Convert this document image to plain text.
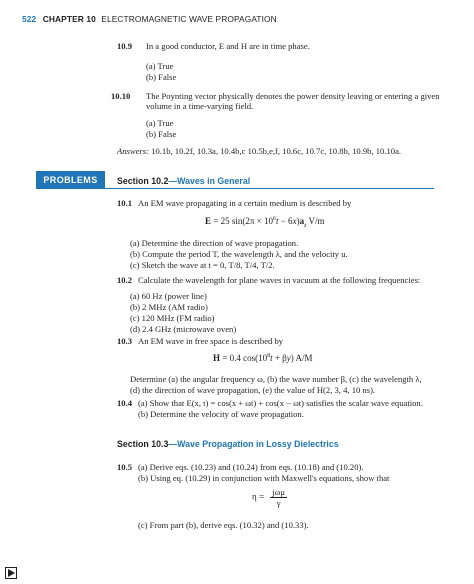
522 CHAPTER 10 ELECTROMAGNETIC WAVE PROPAGATION
10.9 In a good conductor, E and H are in time phase.
(a) True
(b) False
10.10 The Poynting vector physically denotes the power density leaving or entering a given
volume in a time-varying field.
(a) True
(b) False
Answers: 10.1b, 10.2f, 10.3a, 10.4b,c 10.5b,e,f, 10.6c, 10.7c, 10.8b, 10.9b, 10.10a.
PROBLEMS	Section 10.2—Waves in General
10.1 An EM wave propagating in a certain medium is described by
E = 25 $\sin(2\pi \times 10^6t - 6x)a_z$ V/m
(a) Determine the direction of wave propagation.
(b) Compute the period T, the wavelength λ, and the velocity u.
(c) Sketch the wave at t = 0, T/8, T/4, T/2.
10.2 Calculate the wavelength for plane waves in vacuum at the following frequencies:
(a) 60 Hz (power line)
(b) 2 MHz (AM radio)
(c) 120 MHz (FM radio)
(d) 2.4 GHz (microwave oven)
10.3 An EM wave in free space is described by
H = 0.4 $\cos(10^8t + \beta y)$ A/M
Determine (a) the angular frequency ω, (b) the wave number β, (c) the wavelength λ,
(d) the direction of wave propagation, (e) the value of H(2, 3, 4, 10 ns).
10.4 (a) Show that E(x, t) = cos(x + ωt) + cos(x − ωt) satisfies the scalar wave equation.
(b) Determine the velocity of wave propagation.
Section 10.3—Wave Propagation in Lossy Dielectrics
10.5 (a) Derive eqs. (10.23) and (10.24) from eqs. (10.18) and (10.20).
(b) Using eq. (10.29) in conjunction with Maxwell's equations, show that
$\eta = \frac{\text{jωμ}}{\gamma}$
(c) From part (b), derive eqs. (10.32) and (10.33).
